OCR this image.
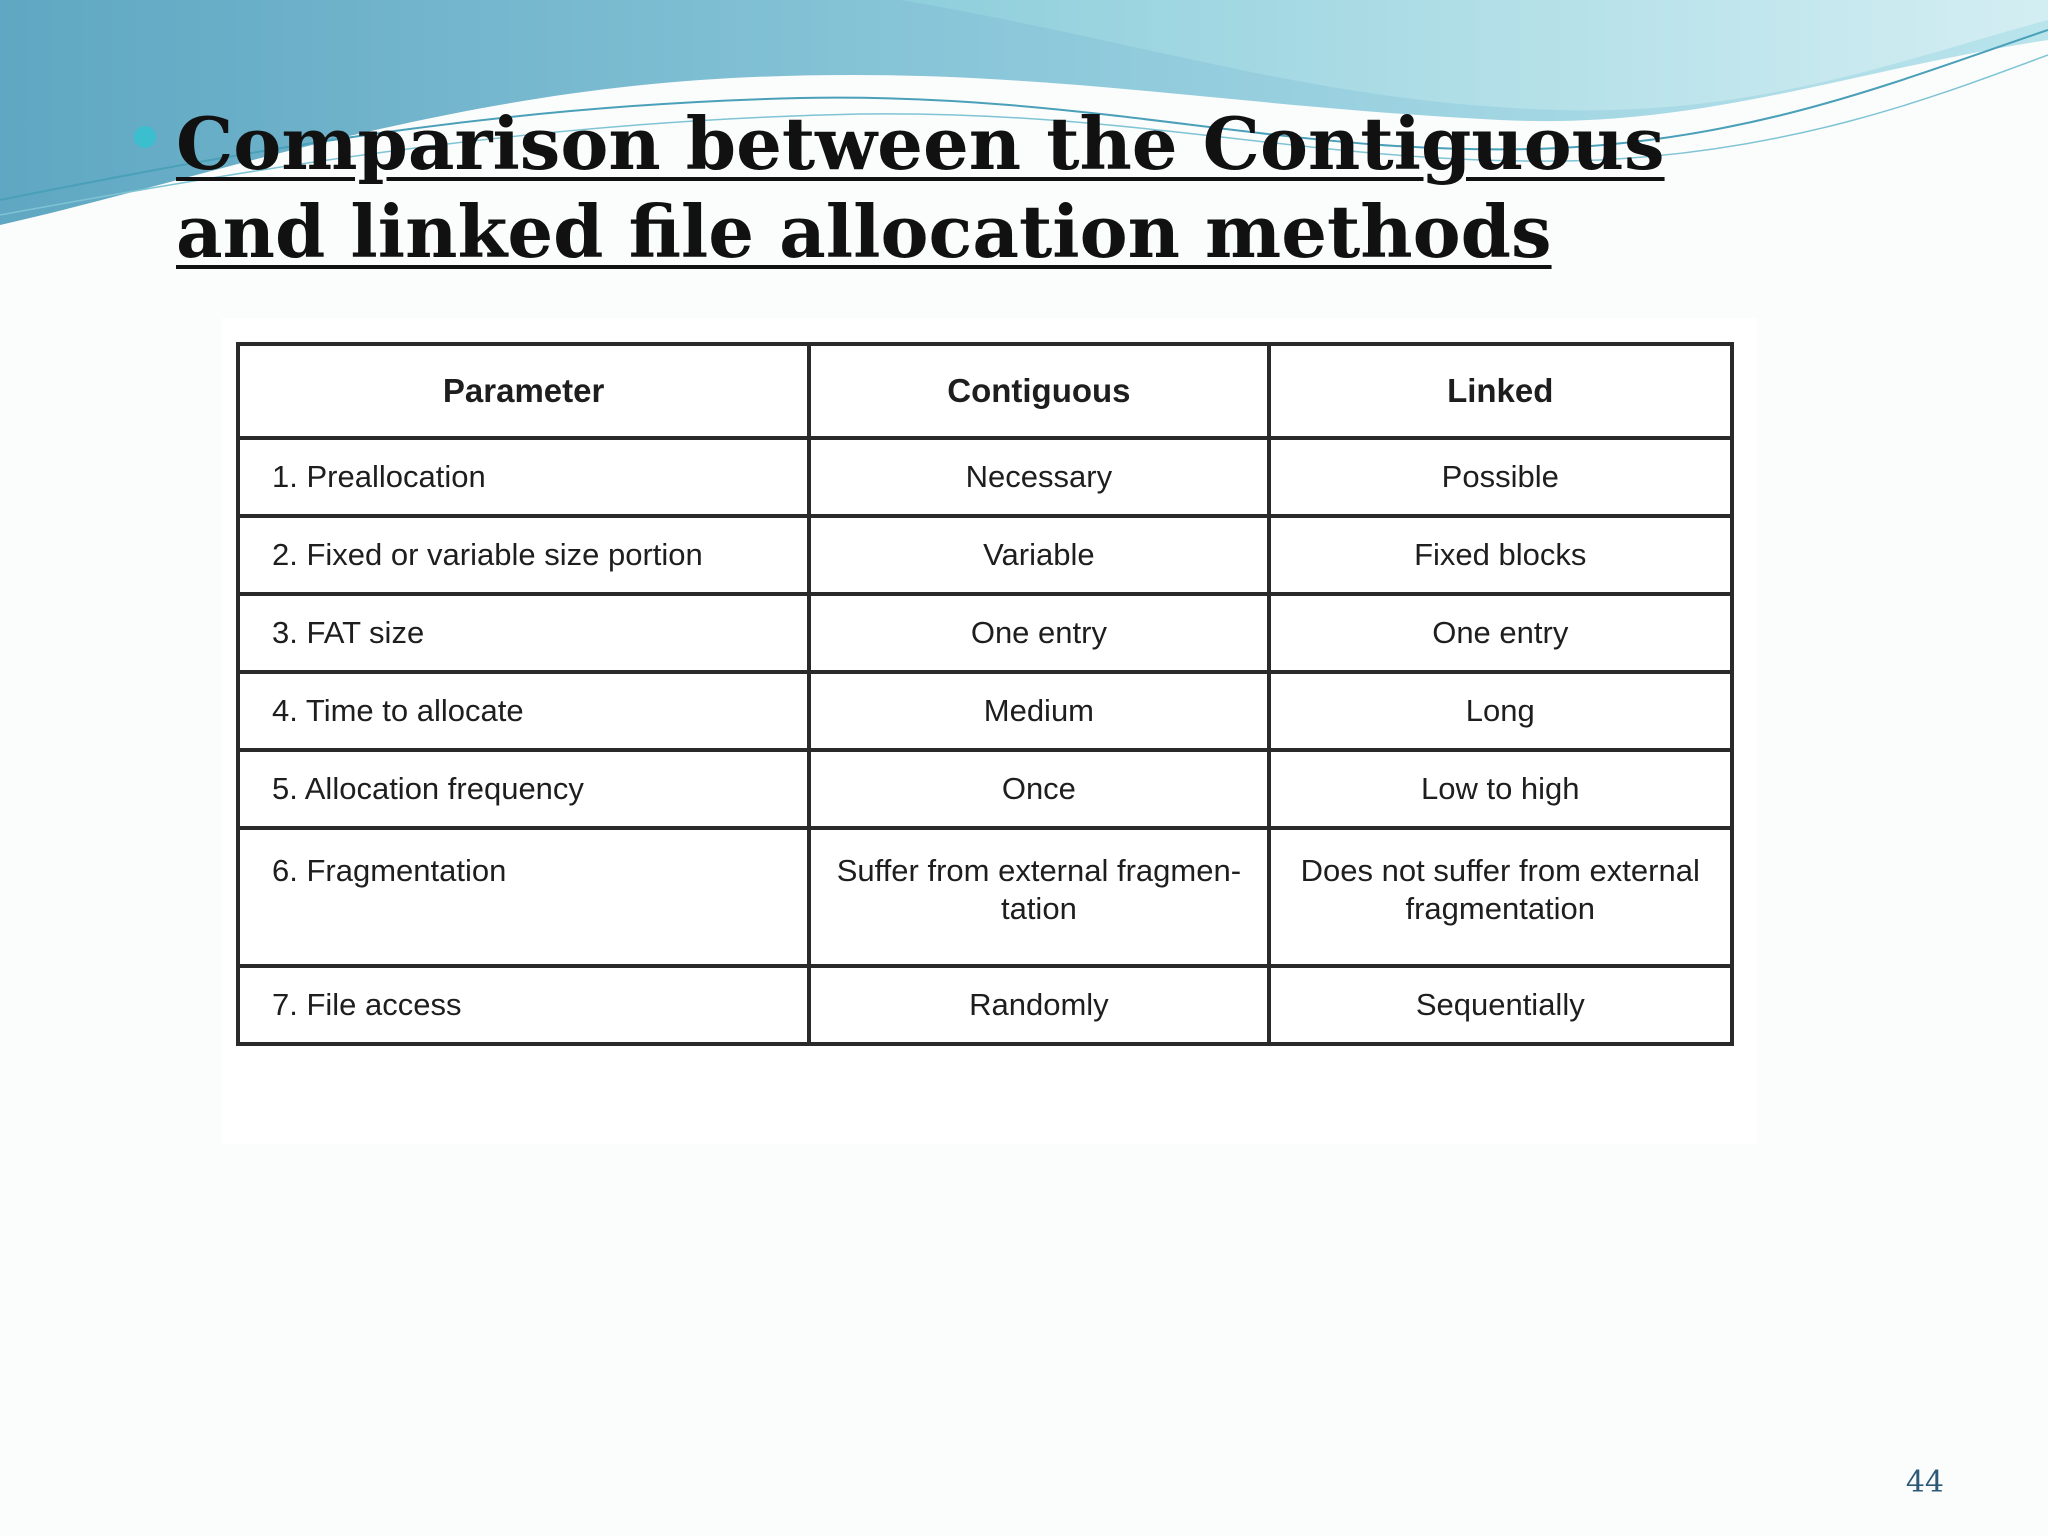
Comparison between the Contiguous and linked file allocation methods
Parameter	Contiguous	Linked
1. Preallocation	Necessary	Possible
2. Fixed or variable size portion	Variable	Fixed blocks
3. FAT size	One entry	One entry
4. Time to allocate	Medium	Long
5. Allocation frequency	Once	Low to high
6. Fragmentation	Suffer from external fragmen- tation	Does not suffer from external fragmentation
7. File access	Randomly	Sequentially
44
